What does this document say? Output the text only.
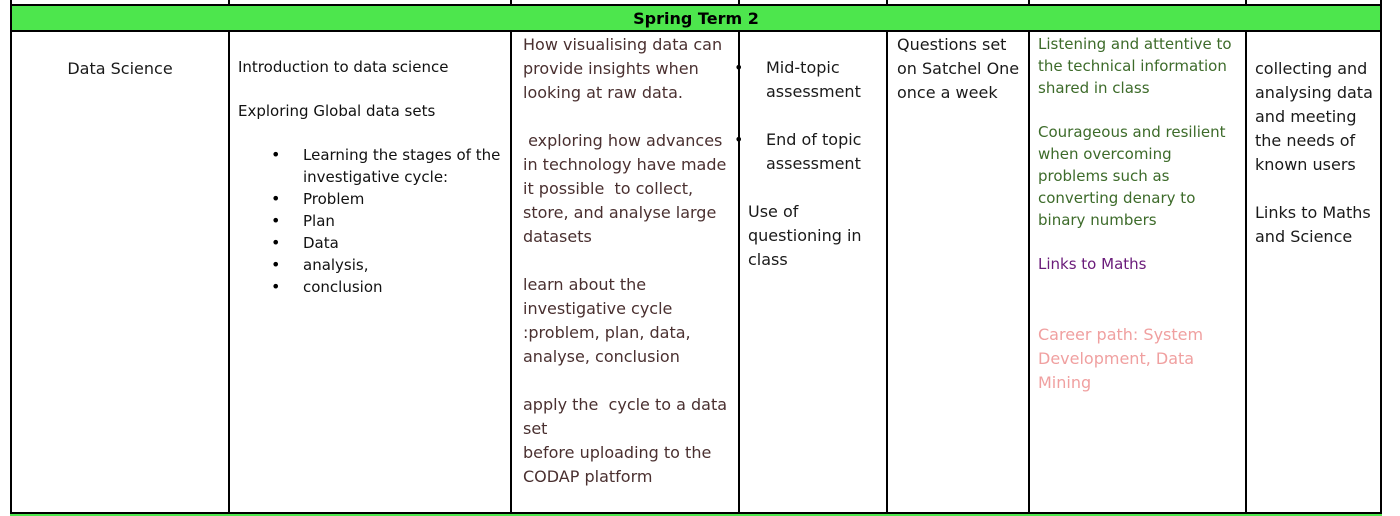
Spring Term 2
Data Science	Introduction to data science

Exploring Global data sets

• Learning the stages of the investigative cycle:
• Problem
• Plan
• Data
• analysis,
• conclusion

How visualising data can provide insights when looking at raw data.

exploring how advances in technology have made it possible  to collect, store, and analyse large datasets

learn about the investigative cycle :problem, plan, data, analyse, conclusion

apply the  cycle to a data set

before uploading to the CODAP platform

• Mid-topic assessment
• End of topic assessment

Use of questioning in class

Questions set on Satchel One once a week

Listening and attentive to the technical information shared in class

Courageous and resilient when overcoming problems such as converting denary to binary numbers

Links to Maths

Career path: System Development, Data Mining

collecting and analysing data and meeting the needs of known users

Links to Maths and Science
